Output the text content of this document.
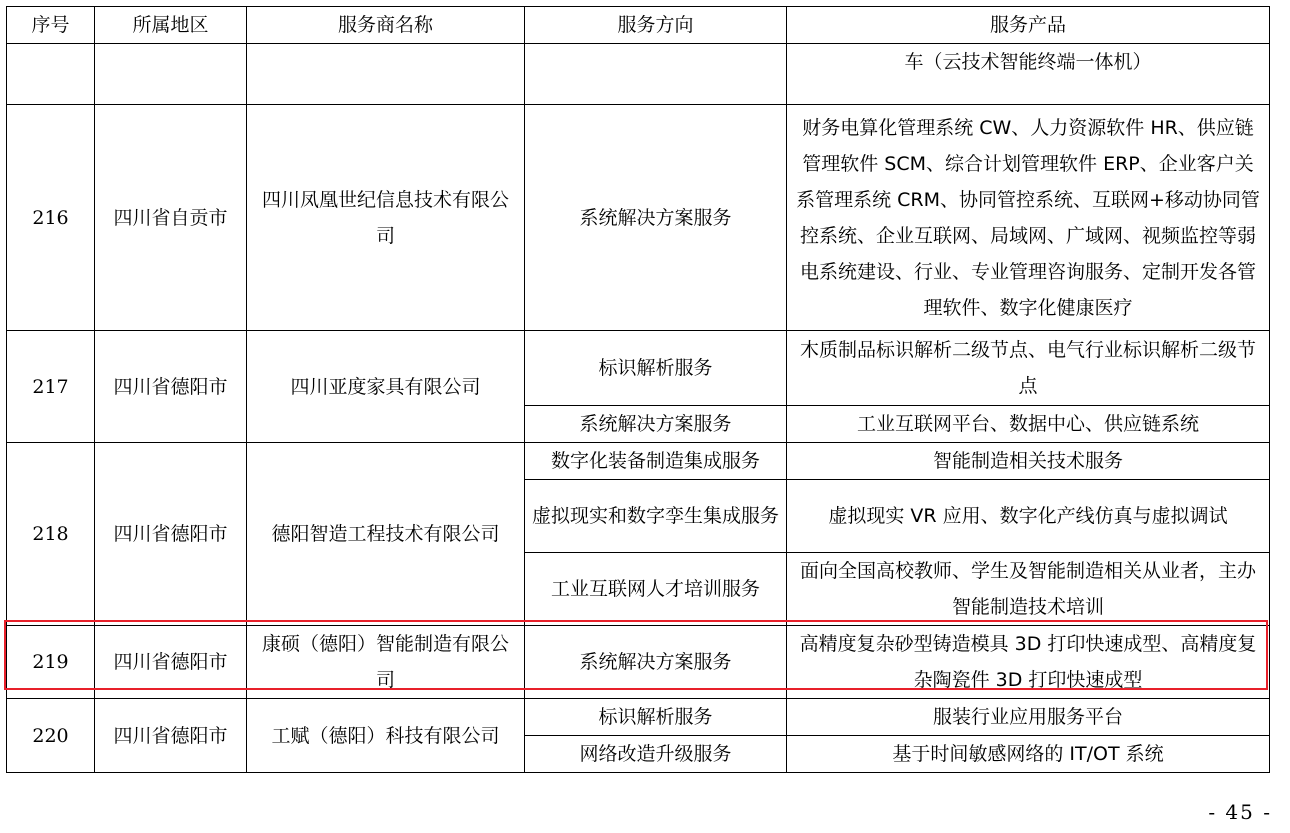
序号	所属地区	服务商名称	服务方向	服务产品
				车（云技术智能终端一体机）
216	四川省自贡市	四川凤凰世纪信息技术有限公司	系统解决方案服务	财务电算化管理系统 CW、人力资源软件 HR、供应链管理软件 SCM、综合计划管理软件 ERP、企业客户关系管理系统 CRM、协同管控系统、互联网+移动协同管控系统、企业互联网、局域网、广域网、视频监控等弱电系统建设、行业、专业管理咨询服务、定制开发各管理软件、数字化健康医疗
217	四川省德阳市	四川亚度家具有限公司	标识解析服务	木质制品标识解析二级节点、电气行业标识解析二级节点
			系统解决方案服务	工业互联网平台、数据中心、供应链系统
218	四川省德阳市	德阳智造工程技术有限公司	数字化装备制造集成服务	智能制造相关技术服务
			虚拟现实和数字孪生集成服务	虚拟现实 VR 应用、数字化产线仿真与虚拟调试
			工业互联网人才培训服务	面向全国高校教师、学生及智能制造相关从业者，主办智能制造技术培训
219	四川省德阳市	康硕（德阳）智能制造有限公司	系统解决方案服务	高精度复杂砂型铸造模具 3D 打印快速成型、高精度复杂陶瓷件 3D 打印快速成型
220	四川省德阳市	工赋（德阳）科技有限公司	标识解析服务	服装行业应用服务平台
			网络改造升级服务	基于时间敏感网络的 IT/OT 系统
- 45 -
